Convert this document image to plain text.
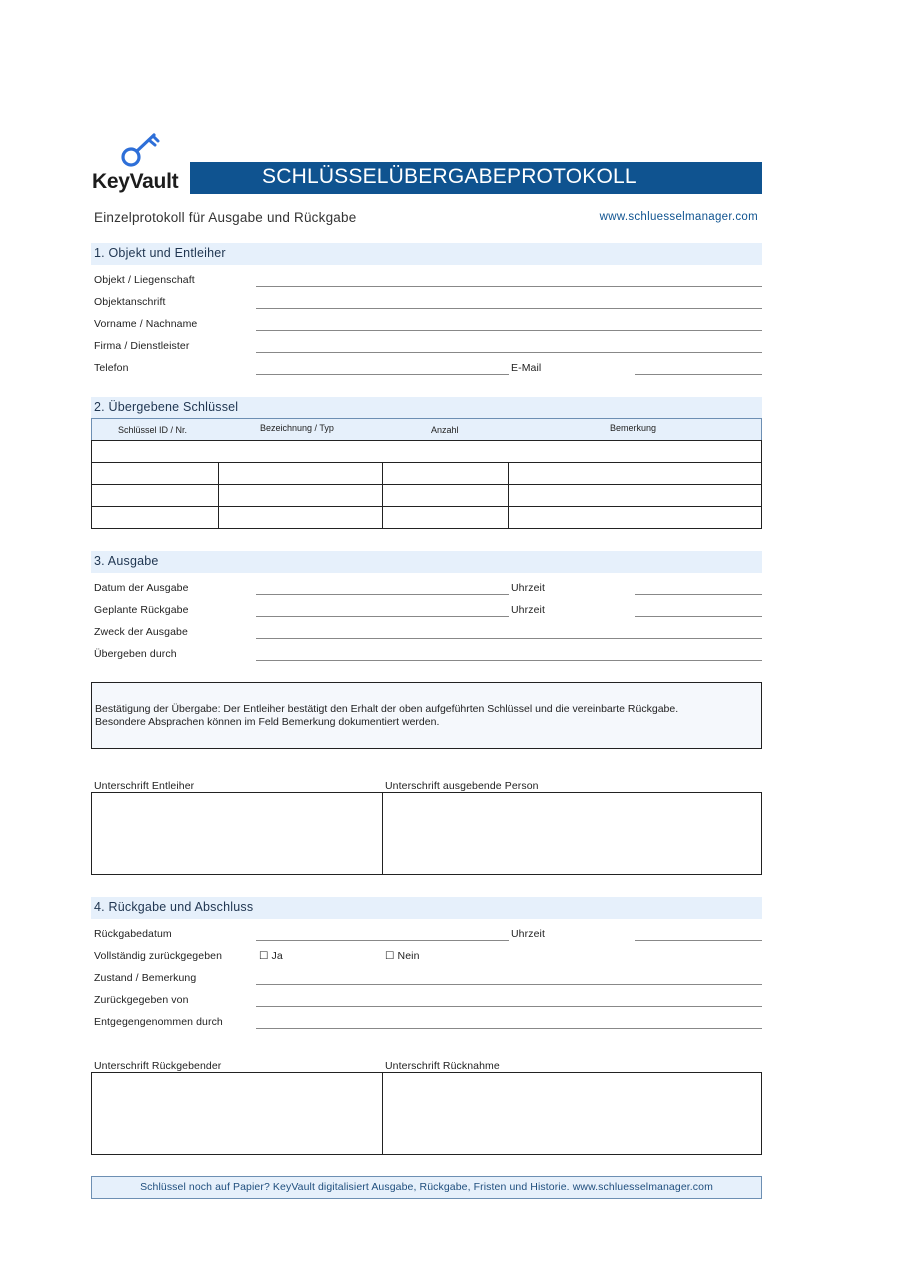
KeyVault	SCHLÜSSELÜBERGABEPROTOKOLL
Einzelprotokoll für Ausgabe und Rückgabe	www.schluesselmanager.com
1. Objekt und Entleiher
Objekt / Liegenschaft
Objektanschrift
Vorname / Nachname
Firma / Dienstleister
Telefon	E-Mail
2. Übergebene Schlüssel
Schlüssel ID / Nr.	Bezeichnung / Typ	Anzahl	Bemerkung
3. Ausgabe
Datum der Ausgabe	Uhrzeit
Geplante Rückgabe	Uhrzeit
Zweck der Ausgabe
Übergeben durch
Bestätigung der Übergabe: Der Entleiher bestätigt den Erhalt der oben aufgeführten Schlüssel und die vereinbarte Rückgabe.
Besondere Absprachen können im Feld Bemerkung dokumentiert werden.
Unterschrift Entleiher	Unterschrift ausgebende Person
4. Rückgabe und Abschluss
Rückgabedatum	Uhrzeit
Vollständig zurückgegeben	☐ Ja	☐ Nein
Zustand / Bemerkung
Zurückgegeben von
Entgegengenommen durch
Unterschrift Rückgebender	Unterschrift Rücknahme
Schlüssel noch auf Papier? KeyVault digitalisiert Ausgabe, Rückgabe, Fristen und Historie. www.schluesselmanager.com
